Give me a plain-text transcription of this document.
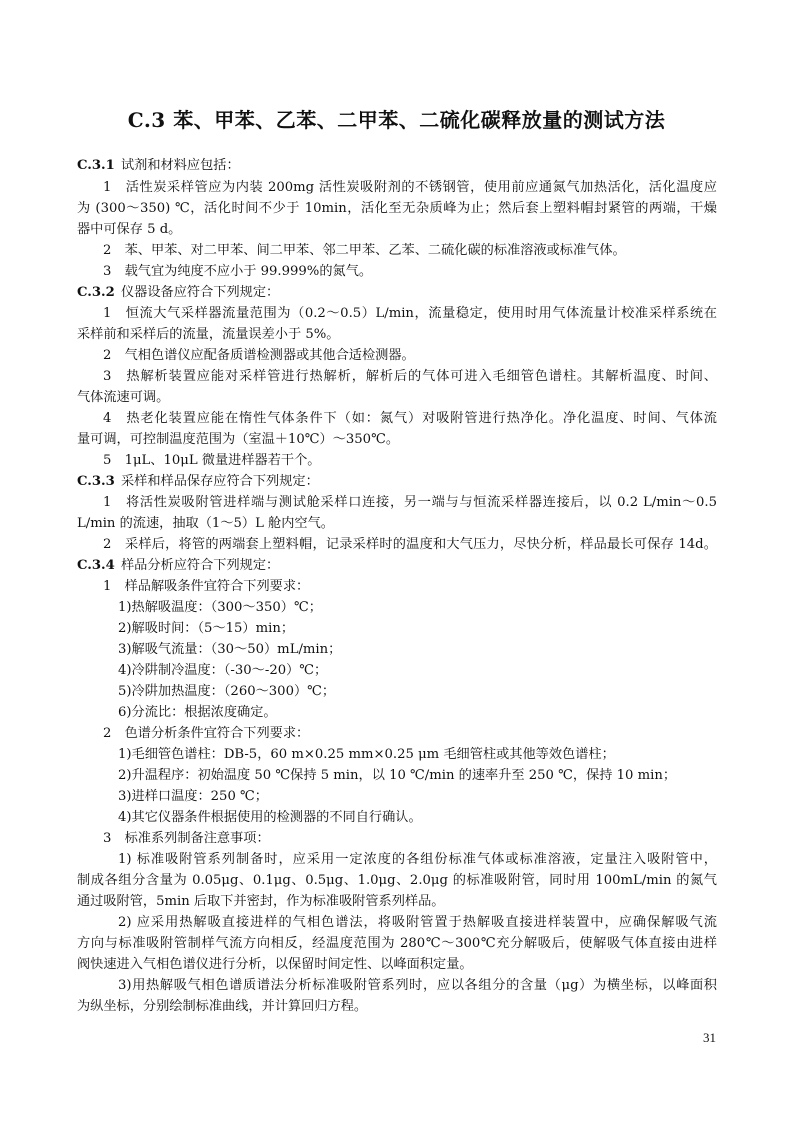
C.3 苯、甲苯、乙苯、二甲苯、二硫化碳释放量的测试方法
C.3.1 试剂和材料应包括：
1　活性炭采样管应为内装 200mg 活性炭吸附剂的不锈钢管，使用前应通氮气加热活化，活化温度应
为 (300～350) ℃，活化时间不少于 10min，活化至无杂质峰为止；然后套上塑料帽封紧管的两端，干燥
器中可保存 5 d。
2　苯、甲苯、对二甲苯、间二甲苯、邻二甲苯、乙苯、二硫化碳的标准溶液或标准气体。
3　载气宜为纯度不应小于 99.999%的氮气。
C.3.2 仪器设备应符合下列规定：
1　恒流大气采样器流量范围为（0.2～0.5）L/min，流量稳定，使用时用气体流量计校准采样系统在
采样前和采样后的流量，流量误差小于 5%。
2　气相色谱仪应配备质谱检测器或其他合适检测器。
3　热解析装置应能对采样管进行热解析，解析后的气体可进入毛细管色谱柱。其解析温度、时间、
气体流速可调。
4　热老化装置应能在惰性气体条件下（如：氮气）对吸附管进行热净化。净化温度、时间、气体流
量可调，可控制温度范围为（室温＋10℃）～350℃。
5　1μL、10μL 微量进样器若干个。
C.3.3 采样和样品保存应符合下列规定：
1　将活性炭吸附管进样端与测试舱采样口连接，另一端与与恒流采样器连接后，以 0.2 L/min～0.5
L/min 的流速，抽取（1～5）L 舱内空气。
2　采样后，将管的两端套上塑料帽，记录采样时的温度和大气压力，尽快分析，样品最长可保存 14d。
C.3.4 样品分析应符合下列规定：
1　样品解吸条件宜符合下列要求：
1)热解吸温度：（300～350）℃；
2)解吸时间：（5～15）min；
3)解吸气流量：（30～50）mL/min；
4)冷阱制冷温度：（-30～-20）℃；
5)冷阱加热温度：（260～300）℃；
6)分流比：根据浓度确定。
2　色谱分析条件宜符合下列要求：
1)毛细管色谱柱：DB-5，60 m×0.25 mm×0.25 μm 毛细管柱或其他等效色谱柱；
2)升温程序：初始温度 50 ℃保持 5 min，以 10 ℃/min 的速率升至 250 ℃，保持 10 min；
3)进样口温度：250 ℃；
4)其它仪器条件根据使用的检测器的不同自行确认。
3　标准系列制备注意事项：
1) 标准吸附管系列制备时，应采用一定浓度的各组份标准气体或标准溶液，定量注入吸附管中，
制成各组分含量为 0.05μg、0.1μg、0.5μg、1.0μg、2.0μg 的标准吸附管，同时用 100mL/min 的氮气
通过吸附管，5min 后取下并密封，作为标准吸附管系列样品。
2) 应采用热解吸直接进样的气相色谱法，将吸附管置于热解吸直接进样装置中，应确保解吸气流
方向与标准吸附管制样气流方向相反，经温度范围为 280℃～300℃充分解吸后，使解吸气体直接由进样
阀快速进入气相色谱仪进行分析，以保留时间定性、以峰面积定量。
3)用热解吸气相色谱质谱法分析标准吸附管系列时，应以各组分的含量（μg）为横坐标，以峰面积
为纵坐标，分别绘制标准曲线，并计算回归方程。
31
